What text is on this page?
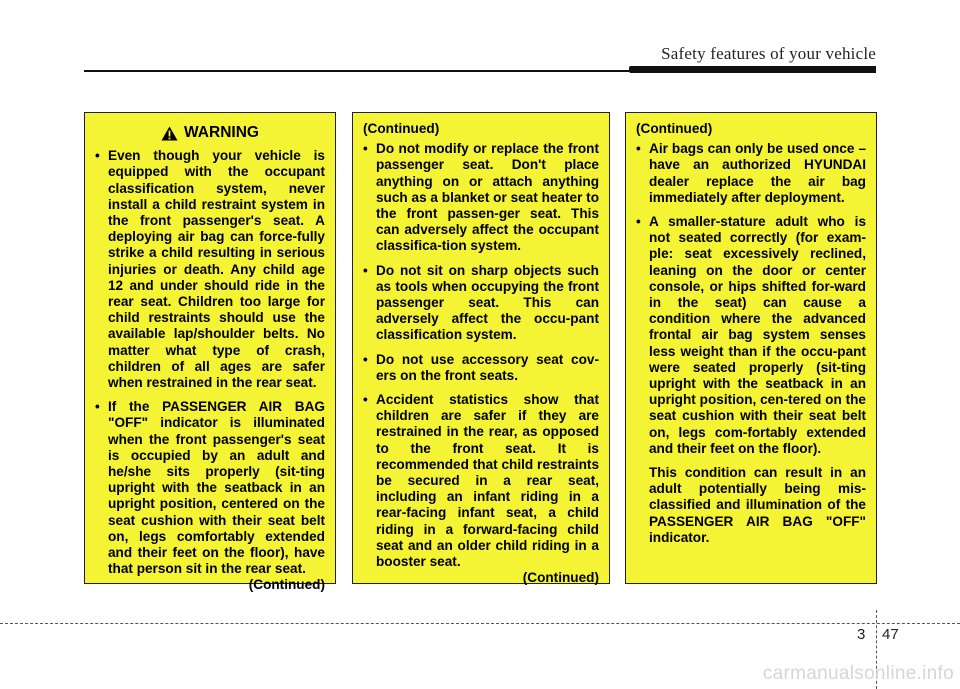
Safety features of your vehicle
WARNING
• Even though your vehicle is equipped with the occupant classification system, never install a child restraint system in the front passenger's seat. A deploying air bag can force-fully strike a child resulting in serious injuries or death. Any child age 12 and under should ride in the rear seat. Children too large for child restraints should use the available lap/shoulder belts. No matter what type of crash, children of all ages are safer when restrained in the rear seat.
• If the PASSENGER AIR BAG "OFF" indicator is illuminated when the front passenger's seat is occupied by an adult and he/she sits properly (sit-ting upright with the seatback in an upright position, centered on the seat cushion with their seat belt on, legs comfortably extended and their feet on the floor), have that person sit in the rear seat.
(Continued)
(Continued)
• Do not modify or replace the front passenger seat. Don't place anything on or attach anything such as a blanket or seat heater to the front passen-ger seat. This can adversely affect the occupant classifica-tion system.
• Do not sit on sharp objects such as tools when occupying the front passenger seat. This can adversely affect the occu-pant classification system.
• Do not use accessory seat cov-ers on the front seats.
• Accident statistics show that children are safer if they are restrained in the rear, as opposed to the front seat. It is recommended that child restraints be secured in a rear seat, including an infant riding in a rear-facing infant seat, a child riding in a forward-facing child seat and an older child riding in a booster seat.
(Continued)
(Continued)
• Air bags can only be used once – have an authorized HYUNDAI dealer replace the air bag immediately after deployment.
• A smaller-stature adult who is not seated correctly (for exam-ple: seat excessively reclined, leaning on the door or center console, or hips shifted for-ward in the seat) can cause a condition where the advanced frontal air bag system senses less weight than if the occu-pant were seated properly (sit-ting upright with the seatback in an upright position, cen-tered on the seat cushion with their seat belt on, legs com-fortably extended and their feet on the floor).

This condition can result in an adult potentially being mis-classified and illumination of the PASSENGER AIR BAG "OFF" indicator.

3 47
carmanualsonline.info
